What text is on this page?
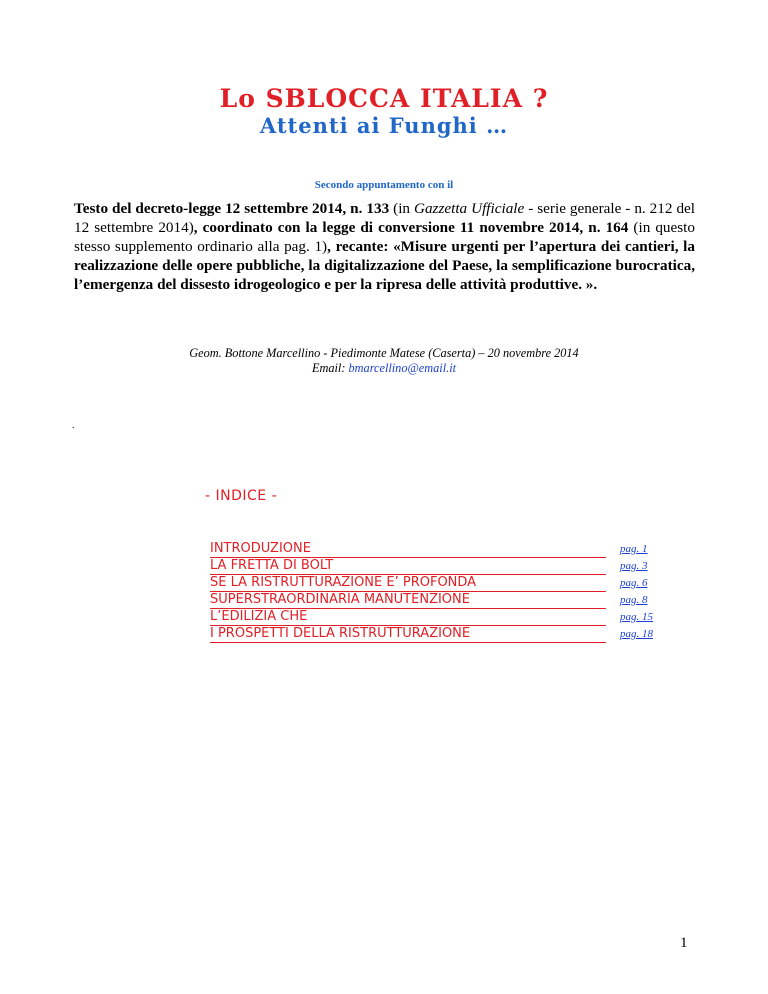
Lo SBLOCCA ITALIA ?
Attenti ai Funghi …
Secondo appuntamento con il
Testo del decreto-legge 12 settembre 2014, n. 133 (in Gazzetta Ufficiale - serie generale - n. 212 del 12 settembre 2014), coordinato con la legge di conversione 11 novembre 2014, n. 164 (in questo stesso supplemento ordinario alla pag. 1), recante: «Misure urgenti per l’apertura dei cantieri, la realizzazione delle opere pubbliche, la digitalizzazione del Paese, la semplificazione burocratica, l’emergenza del dissesto idrogeologico e per la ripresa delle attività produttive. ».
Geom. Bottone Marcellino - Piedimonte Matese (Caserta) – 20 novembre 2014
Email: bmarcellino@email.it
.
- INDICE -
INTRODUZIONE	pag. 1
LA FRETTA DI BOLT	pag. 3
SE LA RISTRUTTURAZIONE E’ PROFONDA	pag. 6
SUPERSTRAORDINARIA MANUTENZIONE	pag. 8
L’EDILIZIA CHE	pag. 15
I PROSPETTI DELLA RISTRUTTURAZIONE	pag. 18
1
